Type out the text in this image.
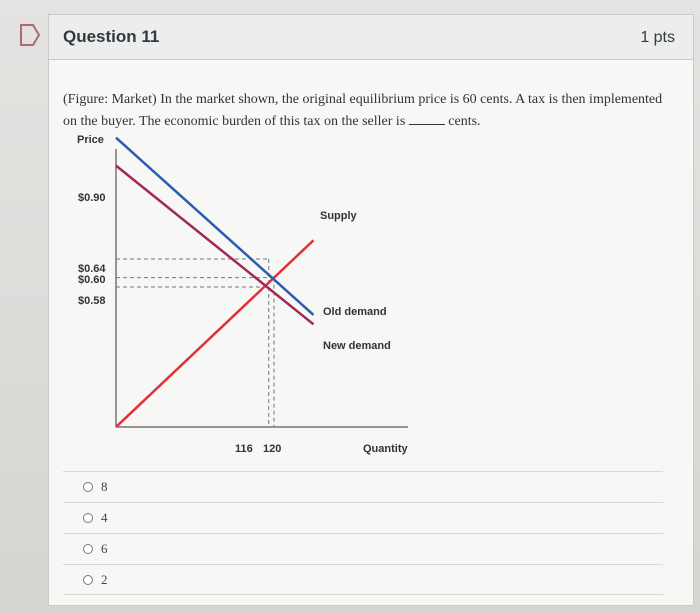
Question 11	1 pts
(Figure: Market) In the market shown, the original equilibrium price is 60 cents. A tax is then implemented on the buyer. The economic burden of this tax on the seller is	cents.
Price
Quantity
$0.90
$0.64
$0.60
$0.58
116 120
Supply
Old demand
New demand
8
4
6
2
